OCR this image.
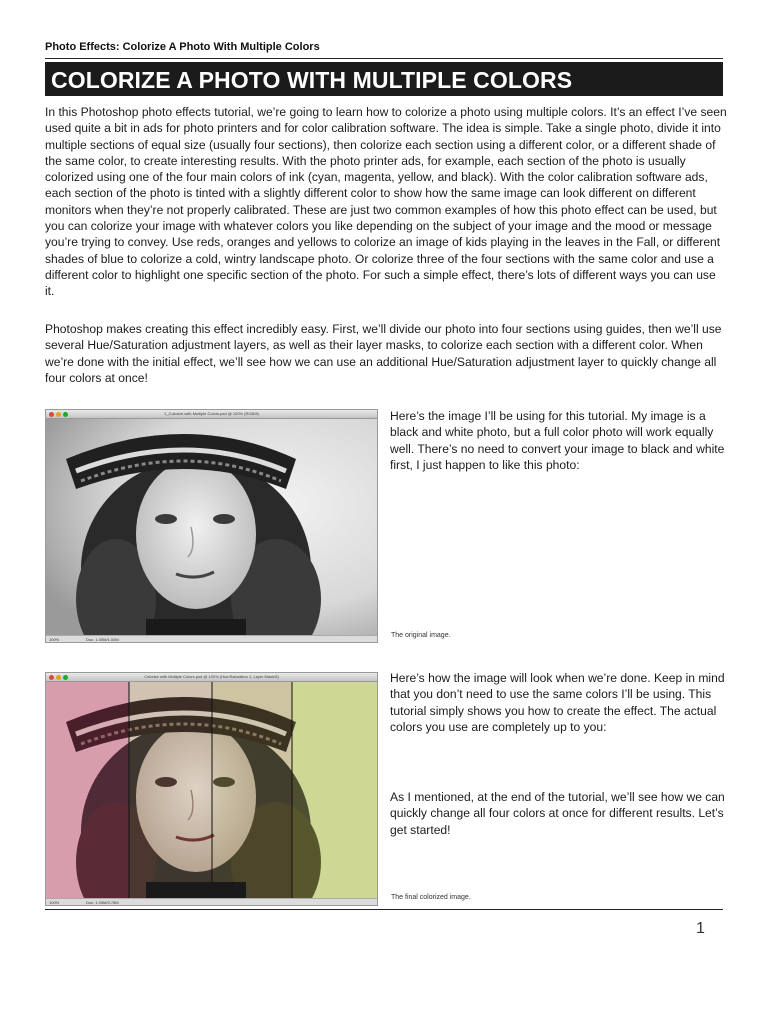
Photo Effects: Colorize A Photo With Multiple Colors
COLORIZE A PHOTO WITH MULTIPLE COLORS

In this Photoshop photo effects tutorial, we’re going to learn how to colorize a photo using multiple colors. It’s an effect I’ve seen used quite a bit in ads for photo printers and for color calibration software. The idea is simple. Take a single photo, divide it into multiple sections of equal size (usually four sections), then colorize each section using a different color, or a different shade of the same color, to create interesting results. With the photo printer ads, for example, each section of the photo is usually colorized using one of the four main colors of ink (cyan, magenta, yellow, and black). With the color calibration software ads, each section of the photo is tinted with a slightly different color to show how the same image can look different on different monitors when they’re not properly calibrated. These are just two common examples of how this photo effect can be used, but you can colorize your image with whatever colors you like depending on the subject of your image and the mood or message you’re trying to convey. Use reds, oranges and yellows to colorize an image of kids playing in the leaves in the Fall, or different shades of blue to colorize a cold, wintry landscape photo. Or colorize three of the four sections with the same color and use a different color to highlight one specific section of the photo. For such a simple effect, there’s lots of different ways you can use it.

Photoshop makes creating this effect incredibly easy. First, we’ll divide our photo into four sections using guides, then we’ll use several Hue/Saturation adjustment layers, as well as their layer masks, to colorize each section with a different color. When we’re done with the initial effect, we’ll see how we can use an additional Hue/Saturation adjustment layer to quickly change all four colors at once!

1_Colorize with Multiple Colors.psd @ 100% (RGB/8)
100%	Doc: 1.00M/1.00M
Here’s the image I’ll be using for this tutorial. My image is a black and white photo, but a full color photo will work equally well. There’s no need to convert your image to black and white first, I just happen to like this photo:
The original image.
Colorize with Multiple Colors.psd @ 100% (Hue/Saturation 1, Layer Mask/8)
100%	Doc: 1.00M/3.78M
Here’s how the image will look when we’re done. Keep in mind that you don’t need to use the same colors I’ll be using. This tutorial simply shows you how to create the effect. The actual colors you use are completely up to you:
As I mentioned, at the end of the tutorial, we’ll see how we can quickly change all four colors at once for different results. Let’s get started!
The final colorized image.
1
